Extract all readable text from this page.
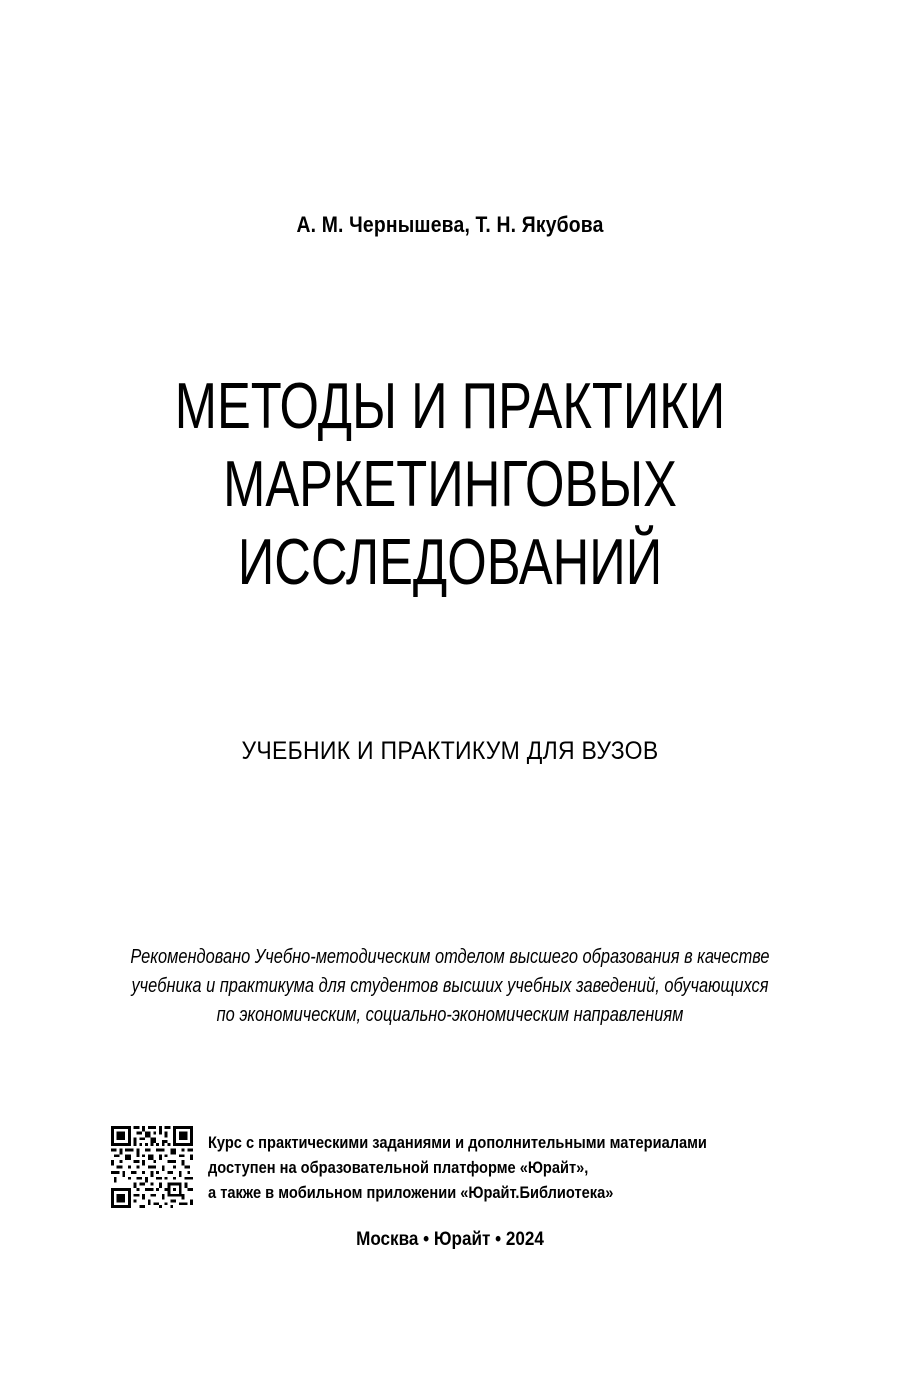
А. М. Чернышева, Т. Н. Якубова
МЕТОДЫ И ПРАКТИКИ
МАРКЕТИНГОВЫХ
ИССЛЕДОВАНИЙ
УЧЕБНИК И ПРАКТИКУМ ДЛЯ ВУЗОВ
Рекомендовано Учебно-методическим отделом высшего образования в качестве
учебника и практикума для студентов высших учебных заведений, обучающихся
по экономическим, социально-экономическим направлениям
Курс с практическими заданиями и дополнительными материалами
доступен на образовательной платформе «Юрайт»,
а также в мобильном приложении «Юрайт.Библиотека»
Москва • Юрайт • 2024
